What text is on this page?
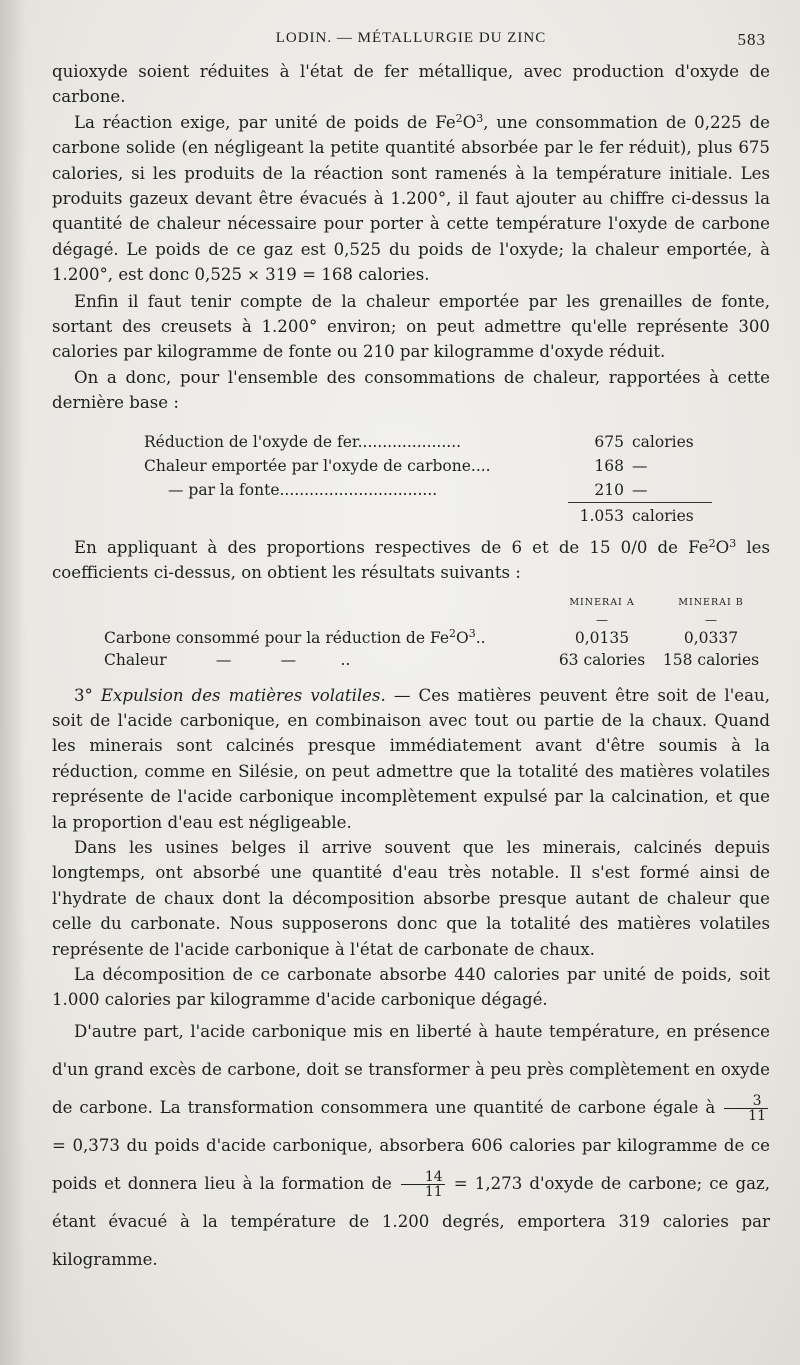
LODIN. — MÉTALLURGIE DU ZINC	583

quioxyde soient réduites à l'état de fer métallique, avec production d'oxyde de carbone.

La réaction exige, par unité de poids de $Fe^2O^3$, une consommation de 0,225 de carbone solide (en négligeant la petite quantité absorbée par le fer réduit), plus 675 calories, si les produits de la réaction sont ramenés à la température initiale. Les produits gazeux devant être évacués à 1.200°, il faut ajouter au chiffre ci-dessus la quantité de chaleur nécessaire pour porter à cette température l'oxyde de carbone dégagé. Le poids de ce gaz est 0,525 du poids de l'oxyde; la chaleur emportée, à 1.200°, est donc 0,525 × 319 = 168 calories.

Enfin il faut tenir compte de la chaleur emportée par les grenailles de fonte, sortant des creusets à 1.200° environ; on peut admettre qu'elle représente 300 calories par kilogramme de fonte ou 210 par kilogramme d'oxyde réduit.

On a donc, pour l'ensemble des consommations de chaleur, rapportées à cette dernière base :

Réduction de l'oxyde de fer.....................	675	calories
Chaleur emportée par l'oxyde de carbone....	168	—
— par la fonte................................	210	—
	1.053	calories

En appliquant à des proportions respectives de 6 et de 15 0/0 de $Fe^2O^3$ les coefficients ci-dessus, on obtient les résultats suivants :

	MINERAI A	MINERAI B
	—	—
Carbone consommé pour la réduction de $Fe^2O^3$..	0,0135	0,0337
Chaleur          —          —         ..	63 calories	158 calories

3° Expulsion des matières volatiles. — Ces matières peuvent être soit de l'eau, soit de l'acide carbonique, en combinaison avec tout ou partie de la chaux. Quand les minerais sont calcinés presque immédiatement avant d'être soumis à la réduction, comme en Silésie, on peut admettre que la totalité des matières volatiles représente de l'acide carbonique incomplètement expulsé par la calcination, et que la proportion d'eau est négligeable.

Dans les usines belges il arrive souvent que les minerais, calcinés depuis longtemps, ont absorbé une quantité d'eau très notable. Il s'est formé ainsi de l'hydrate de chaux dont la décomposition absorbe presque autant de chaleur que celle du carbonate. Nous supposerons donc que la totalité des matières volatiles représente de l'acide carbonique à l'état de carbonate de chaux.

La décomposition de ce carbonate absorbe 440 calories par unité de poids, soit 1.000 calories par kilogramme d'acide carbonique dégagé.

D'autre part, l'acide carbonique mis en liberté à haute température, en présence d'un grand excès de carbone, doit se transformer à peu près complètement en oxyde de carbone. La transformation consommera une quantité de carbone égale à $\frac{3}{11}$
= 0,373 du poids d'acide carbonique, absorbera 606 calories par kilogramme de ce poids et donnera lieu à la formation de $\frac{14}{11} = 1,273$ d'oxyde de carbone; ce gaz, étant évacué à la température de 1.200 degrés, emportera 319 calories par kilogramme.
